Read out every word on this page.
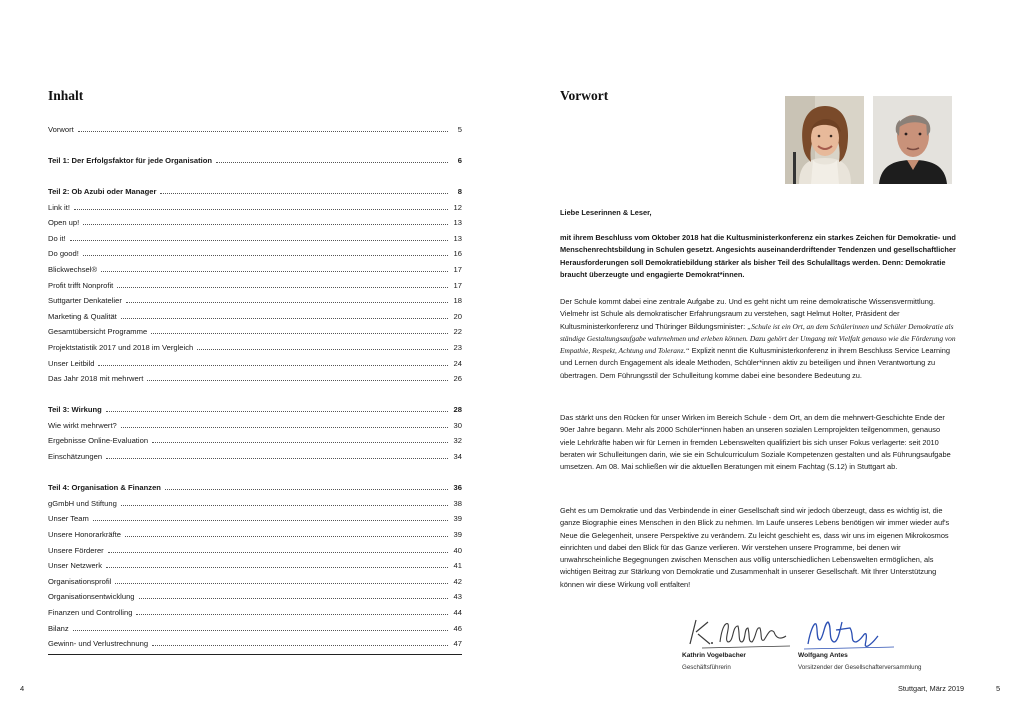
Inhalt
Vorwort	5
Teil 1: Der Erfolgsfaktor für jede Organisation	6
Teil 2: Ob Azubi oder Manager	8
Link it!	12
Open up!	13
Do it!	13
Do good!	16
Blickwechsel®	17
Profit trifft Nonprofit	17
Suttgarter Denkatelier	18
Marketing & Qualität	20
Gesamtübersicht Programme	22
Projektstatistik 2017 und 2018 im Vergleich	23
Unser Leitbild	24
Das Jahr 2018 mit mehrwert	26
Teil 3: Wirkung	28
Wie wirkt mehrwert?	30
Ergebnisse Online-Evaluation	32
Einschätzungen	34
Teil 4: Organisation & Finanzen	36
gGmbH und Stiftung	38
Unser Team	39
Unsere Honorarkräfte	39
Unsere Förderer	40
Unser Netzwerk	41
Organisationsprofil	42
Organisationsentwicklung	43
Finanzen und Controlling	44
Bilanz	46
Gewinn- und Verlustrechnung	47
4
Vorwort
Liebe Leserinnen & Leser,
mit ihrem Beschluss vom Oktober 2018 hat die Kultusministerkonferenz ein starkes Zeichen für Demokratie- und Menschenrechtsbildung in Schulen gesetzt. Angesichts auseinanderdriftender Tendenzen und gesellschaftlicher Herausforderungen soll Demokratiebildung stärker als bisher Teil des Schulalltags werden. Denn: Demokratie braucht überzeugte und engagierte Demokrat*innen.
Der Schule kommt dabei eine zentrale Aufgabe zu. Und es geht nicht um reine demokratische Wissensvermittlung. Vielmehr ist Schule als demokratischer Erfahrungsraum zu verstehen, sagt Helmut Holter, Präsident der Kultusministerkonferenz und Thüringer Bildungsminister: „Schule ist ein Ort, an dem Schülerinnen und Schüler Demokratie als ständige Gestaltungsaufgabe wahrnehmen und erleben können. Dazu gehört der Umgang mit Vielfalt genauso wie die Förderung von Empathie, Respekt, Achtung und Toleranz.“ Explizit nennt die Kultusministerkonferenz in ihrem Beschluss Service Learning und Lernen durch Engagement als ideale Methoden, Schüler*innen aktiv zu beteiligen und ihnen Verantwortung zu übertragen. Dem Führungsstil der Schulleitung komme dabei eine besondere Bedeutung zu.
Das stärkt uns den Rücken für unser Wirken im Bereich Schule - dem Ort, an dem die mehrwert-Geschichte Ende der 90er Jahre begann. Mehr als 2000 Schüler*innen haben an unseren sozialen Lernprojekten teilgenommen, genauso viele Lehrkräfte haben wir für Lernen in fremden Lebenswelten qualifiziert bis sich unser Fokus verlagerte: seit 2010 beraten wir Schulleitungen darin, wie sie ein Schulcurriculum Soziale Kompetenzen gestalten und als Führungsaufgabe umsetzen. Am 08. Mai schließen wir die aktuellen Beratungen mit einem Fachtag (S.12) in Stuttgart ab.
Geht es um Demokratie und das Verbindende in einer Gesellschaft sind wir jedoch überzeugt, dass es wichtig ist, die ganze Biographie eines Menschen in den Blick zu nehmen. Im Laufe unseres Lebens benötigen wir immer wieder auf's Neue die Gelegenheit, unsere Perspektive zu verändern. Zu leicht geschieht es, dass wir uns im eigenen Mikrokosmos einrichten und dabei den Blick für das Ganze verlieren. Wir verstehen unsere Programme, bei denen wir unwahrscheinliche Begegnungen zwischen Menschen aus völlig unterschiedlichen Lebenswelten ermöglichen, als wichtigen Beitrag zur Stärkung von Demokratie und Zusammenhalt in unserer Gesellschaft. Mit Ihrer Unterstützung können wir diese Wirkung voll entfalten!
Kathrin Vogelbacher
Geschäftsführerin
Wolfgang Antes
Vorsitzender der Gesellschafterversammlung
Stuttgart, März 2019	5
